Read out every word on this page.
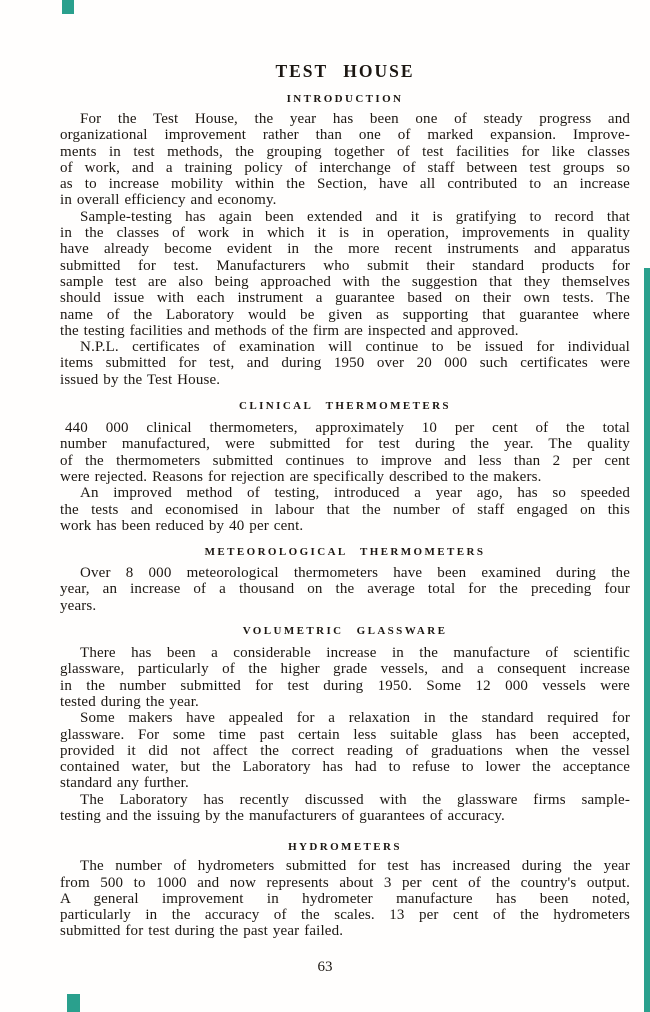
TEST HOUSE
INTRODUCTION
For the Test House, the year has been one of steady progress and
organizational improvement rather than one of marked expansion. Improve-
ments in test methods, the grouping together of test facilities for like classes
of work, and a training policy of interchange of staff between test groups so
as to increase mobility within the Section, have all contributed to an increase
in overall efficiency and economy.
Sample-testing has again been extended and it is gratifying to record that
in the classes of work in which it is in operation, improvements in quality
have already become evident in the more recent instruments and apparatus
submitted for test. Manufacturers who submit their standard products for
sample test are also being approached with the suggestion that they themselves
should issue with each instrument a guarantee based on their own tests. The
name of the Laboratory would be given as supporting that guarantee where
the testing facilities and methods of the firm are inspected and approved.
N.P.L. certificates of examination will continue to be issued for individual
items submitted for test, and during 1950 over 20 000 such certificates were
issued by the Test House.
CLINICAL THERMOMETERS
440 000 clinical thermometers, approximately 10 per cent of the total
number manufactured, were submitted for test during the year. The quality
of the thermometers submitted continues to improve and less than 2 per cent
were rejected. Reasons for rejection are specifically described to the makers.
An improved method of testing, introduced a year ago, has so speeded
the tests and economised in labour that the number of staff engaged on this
work has been reduced by 40 per cent.
METEOROLOGICAL THERMOMETERS
Over 8 000 meteorological thermometers have been examined during the
year, an increase of a thousand on the average total for the preceding four
years.
VOLUMETRIC GLASSWARE
There has been a considerable increase in the manufacture of scientific
glassware, particularly of the higher grade vessels, and a consequent increase
in the number submitted for test during 1950. Some 12 000 vessels were
tested during the year.
Some makers have appealed for a relaxation in the standard required for
glassware. For some time past certain less suitable glass has been accepted,
provided it did not affect the correct reading of graduations when the vessel
contained water, but the Laboratory has had to refuse to lower the acceptance
standard any further.
The Laboratory has recently discussed with the glassware firms sample-
testing and the issuing by the manufacturers of guarantees of accuracy.
HYDROMETERS
The number of hydrometers submitted for test has increased during the year
from 500 to 1000 and now represents about 3 per cent of the country's output.
A general improvement in hydrometer manufacture has been noted,
particularly in the accuracy of the scales. 13 per cent of the hydrometers
submitted for test during the past year failed.
63
